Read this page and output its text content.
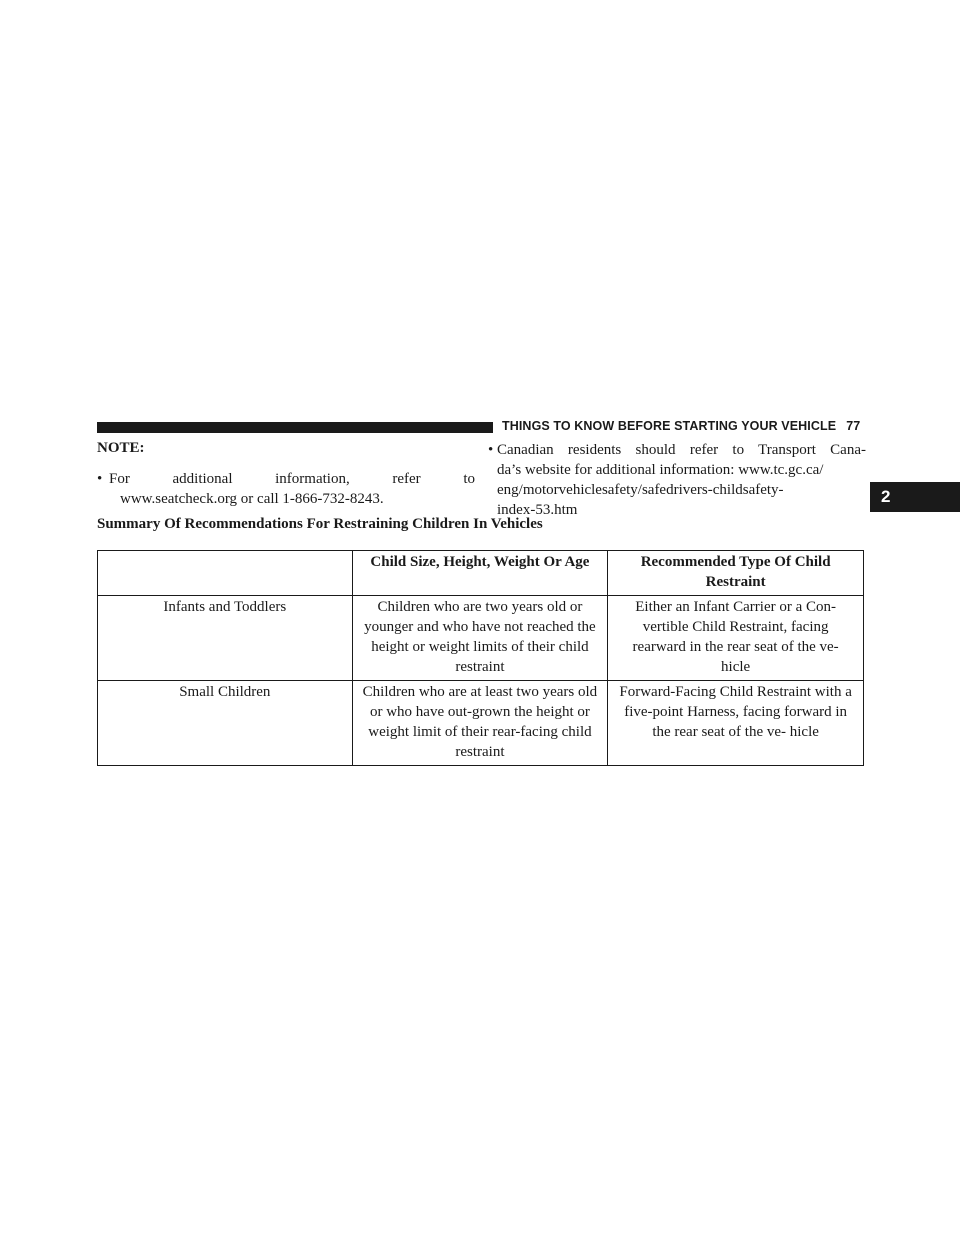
THINGS TO KNOW BEFORE STARTING YOUR VEHICLE 77
2
NOTE:
• For additional information, refer to
www.seatcheck.org or call 1-866-732-8243.
• Canadian residents should refer to Transport Cana-
da’s website for additional information: www.tc.gc.ca/
eng/motorvehiclesafety/safedrivers-childsafety-
index-53.htm
Summary Of Recommendations For Restraining Children In Vehicles
	Child Size, Height, Weight Or Age	Recommended Type Of Child Restraint
Infants and Toddlers	Children who are two years old or younger and who have not reached the height or weight limits of their child restraint	Either an Infant Carrier or a Con- vertible Child Restraint, facing rearward in the rear seat of the ve- hicle
Small Children	Children who are at least two years old or who have out-grown the height or weight limit of their rear-facing child restraint	Forward-Facing Child Restraint with a five-point Harness, facing forward in the rear seat of the ve- hicle
